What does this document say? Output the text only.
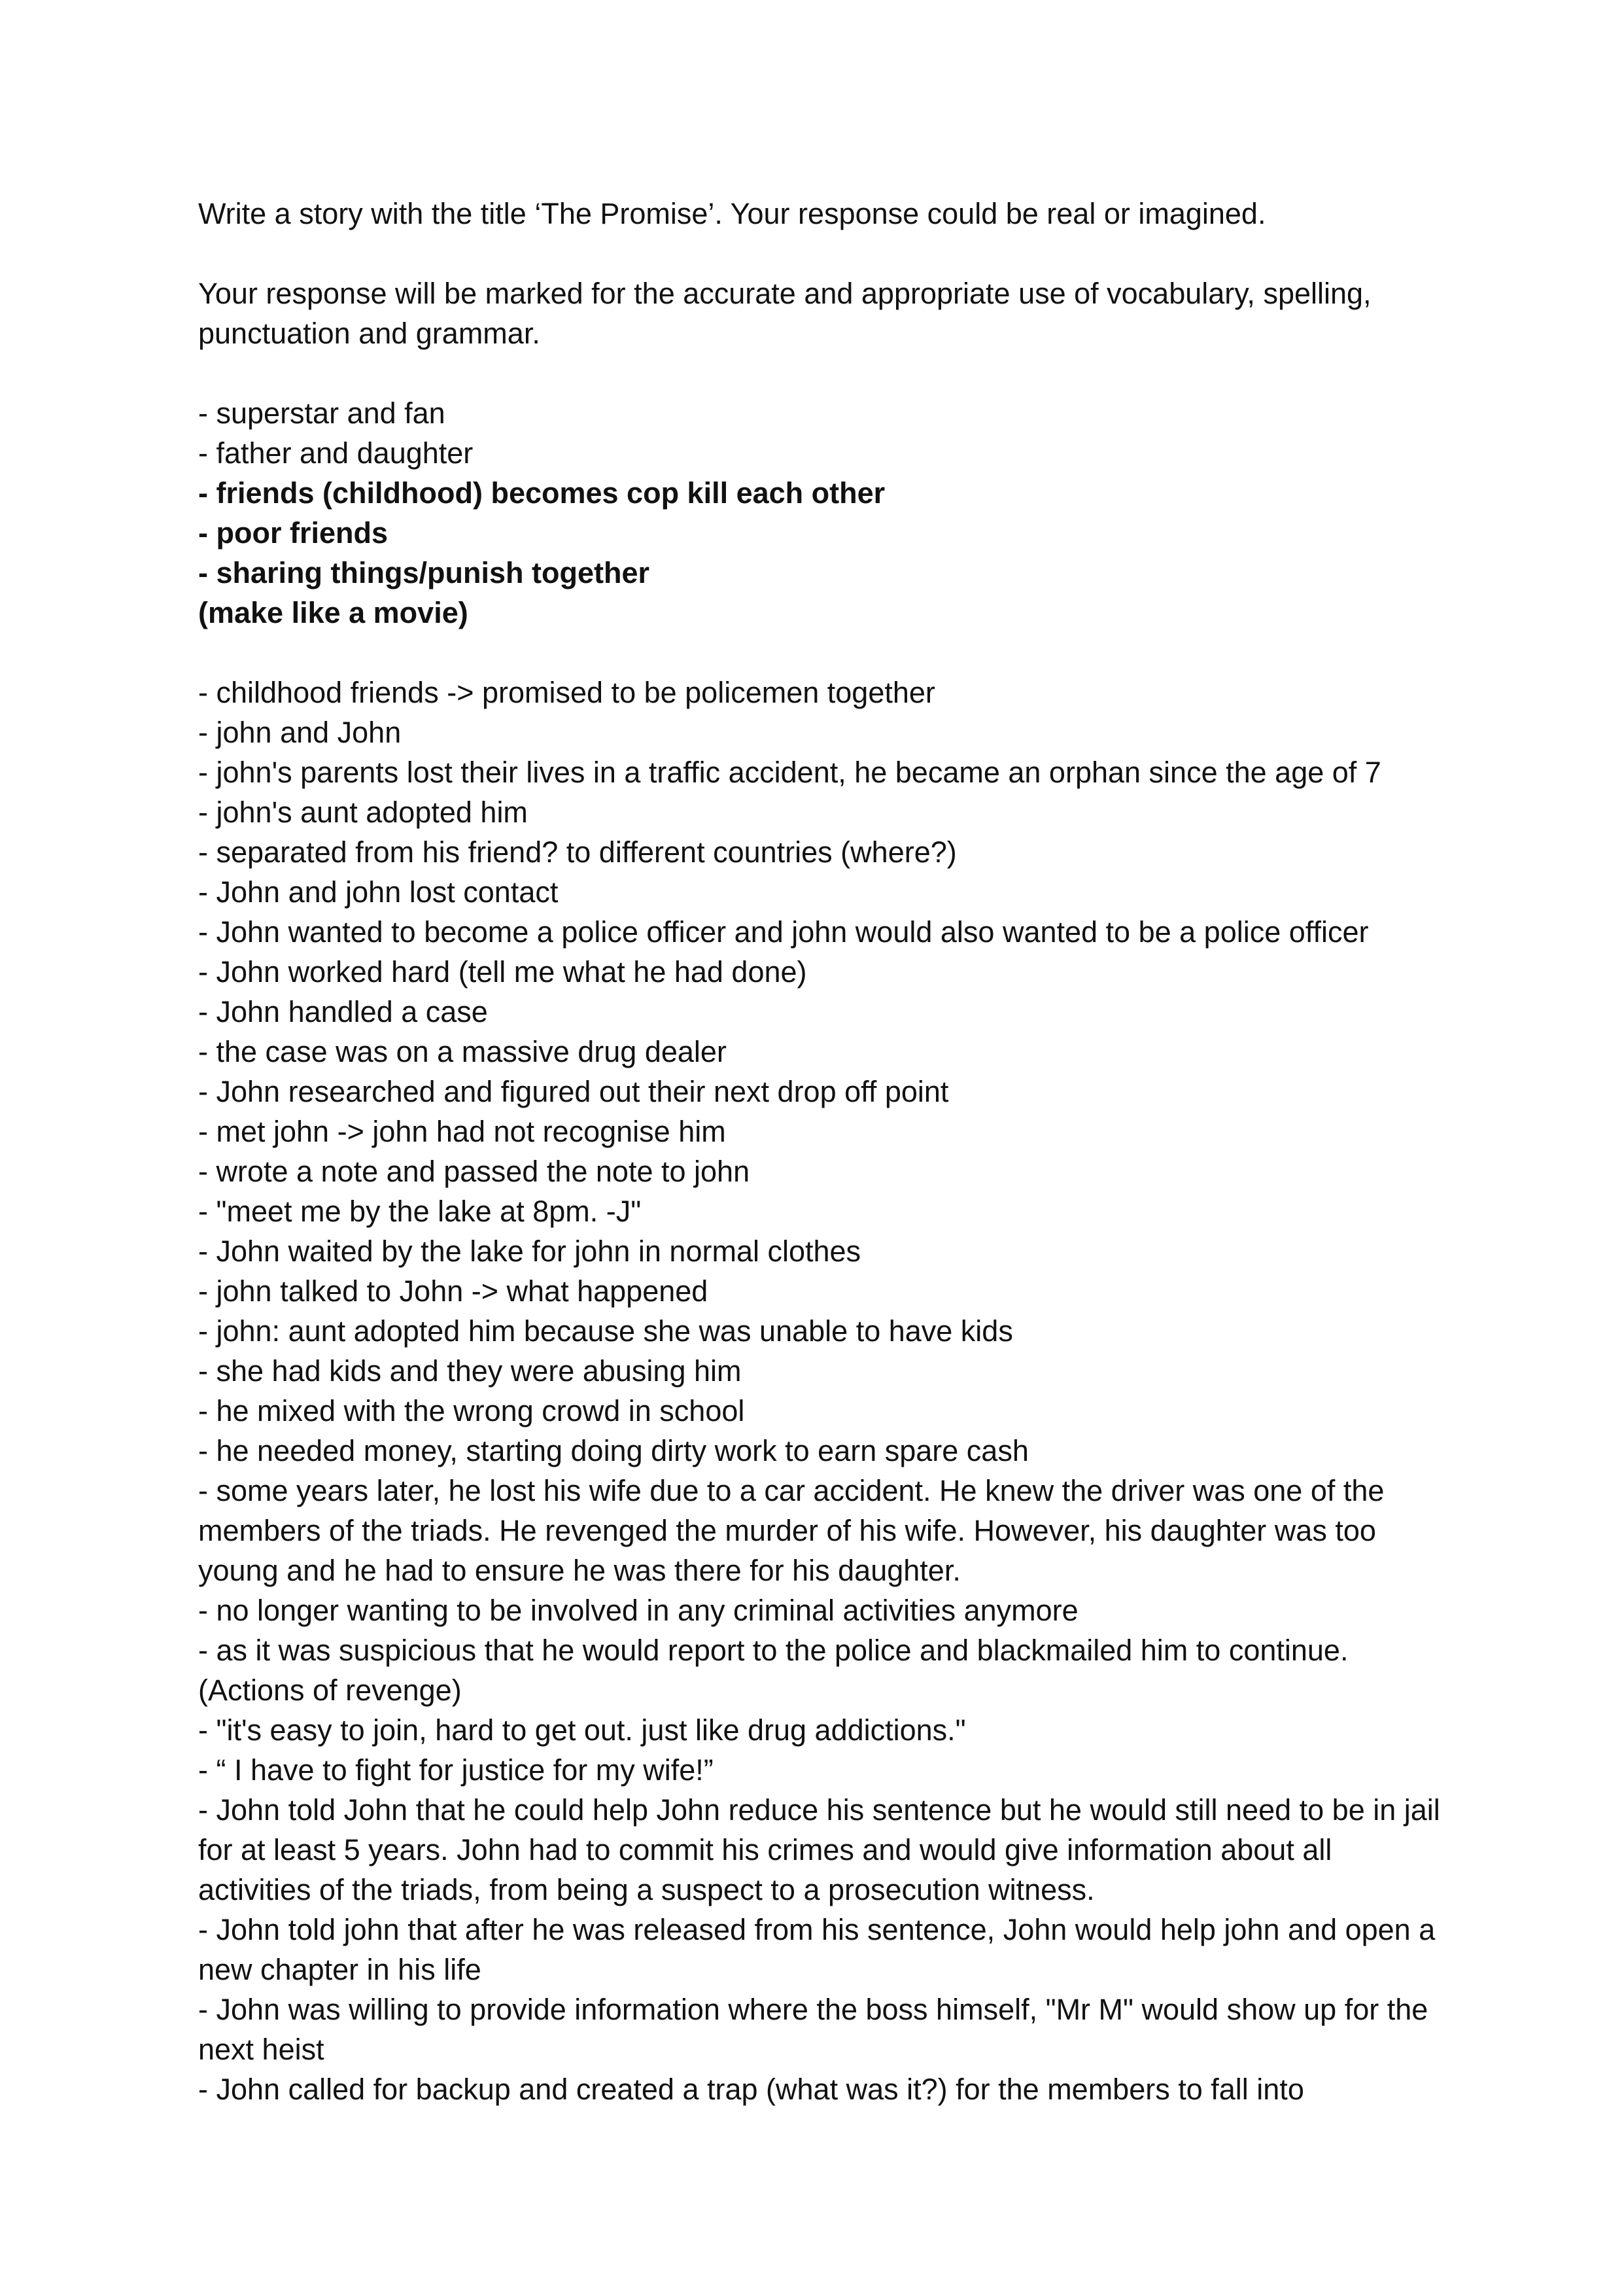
Write a story with the title ‘The Promise’. Your response could be real or imagined.

Your response will be marked for the accurate and appropriate use of vocabulary, spelling, punctuation and grammar.

- superstar and fan

- father and daughter

- friends (childhood) becomes cop kill each other

- poor friends

- sharing things/punish together

(make like a movie)

- childhood friends -> promised to be policemen together

- john and John

- john's parents lost their lives in a traffic accident, he became an orphan since the age of 7

- john's aunt adopted him

- separated from his friend? to different countries (where?)

- John and john lost contact

- John wanted to become a police officer and john would also wanted to be a police officer

- John worked hard (tell me what he had done)

- John handled a case

- the case was on a massive drug dealer

- John researched and figured out their next drop off point

- met john -> john had not recognise him

- wrote a note and passed the note to john

- "meet me by the lake at 8pm. -J"

- John waited by the lake for john in normal clothes

- john talked to John -> what happened

- john: aunt adopted him because she was unable to have kids

- she had kids and they were abusing him

- he mixed with the wrong crowd in school

- he needed money, starting doing dirty work to earn spare cash

- some years later, he lost his wife due to a car accident. He knew the driver was one of the members of the triads. He revenged the murder of his wife. However, his daughter was too young and he had to ensure he was there for his daughter.

- no longer wanting to be involved in any criminal activities anymore

- as it was suspicious that he would report to the police and blackmailed him to continue. (Actions of revenge)

- "it's easy to join, hard to get out. just like drug addictions."

- “ I have to fight for justice for my wife!”

- John told John that he could help John reduce his sentence but he would still need to be in jail for at least 5 years. John had to commit his crimes and would give information about all activities of the triads, from being a suspect to a prosecution witness.

- John told john that after he was released from his sentence, John would help john and open a new chapter in his life

- John was willing to provide information where the boss himself, "Mr M" would show up for the next heist

- John called for backup and created a trap (what was it?) for the members to fall into
